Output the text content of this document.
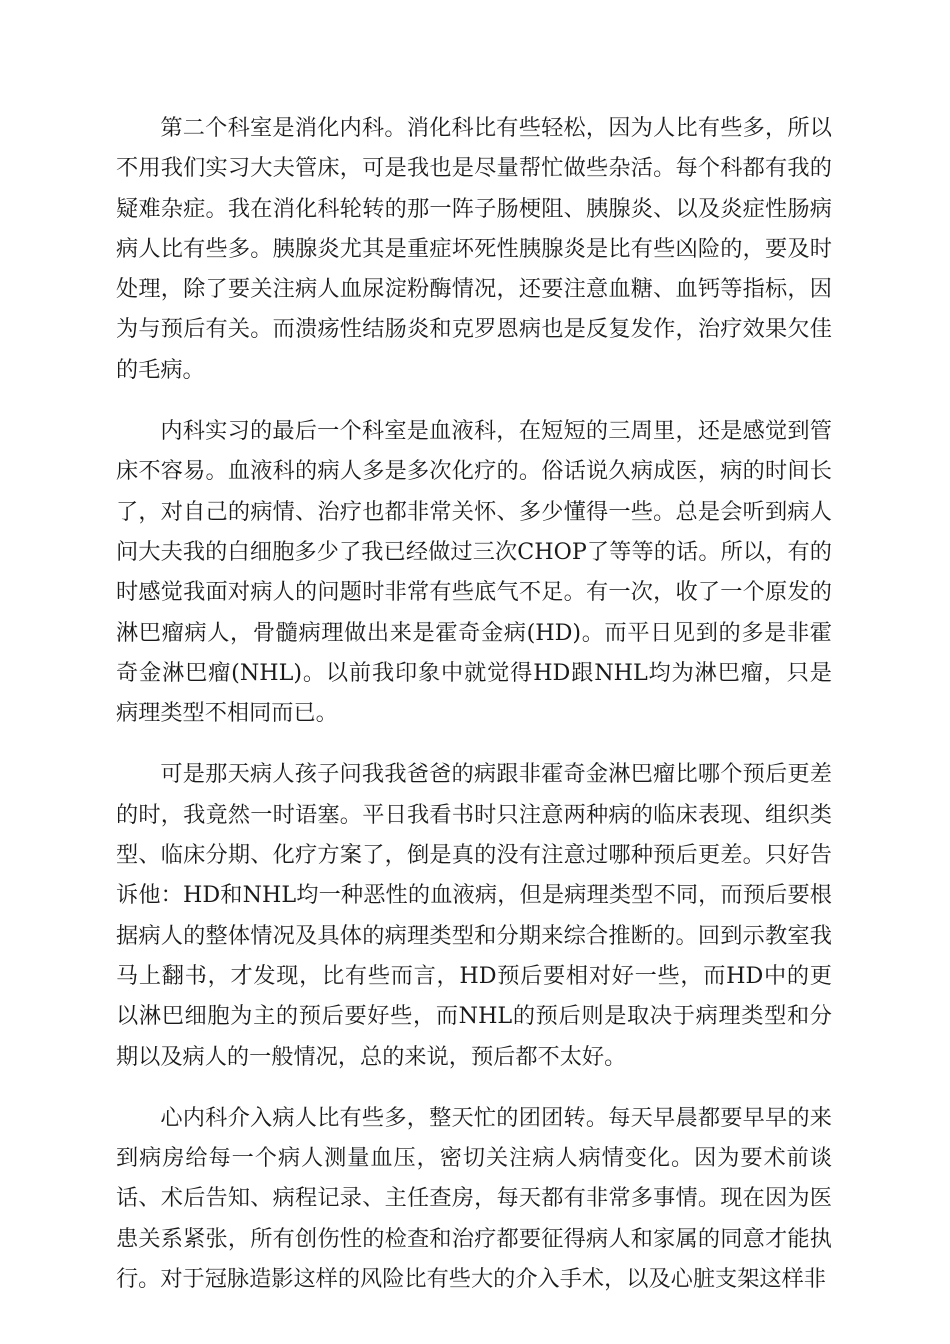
第二个科室是消化内科。消化科比有些轻松，因为人比有些多，所以不用我们实习大夫管床，可是我也是尽量帮忙做些杂活。每个科都有我的疑难杂症。我在消化科轮转的那一阵子肠梗阻、胰腺炎、以及炎症性肠病病人比有些多。胰腺炎尤其是重症坏死性胰腺炎是比有些凶险的，要及时处理，除了要关注病人血尿淀粉酶情况，还要注意血糖、血钙等指标，因为与预后有关。而溃疡性结肠炎和克罗恩病也是反复发作，治疗效果欠佳的毛病。

内科实习的最后一个科室是血液科，在短短的三周里，还是感觉到管床不容易。血液科的病人多是多次化疗的。俗话说久病成医，病的时间长了，对自己的病情、治疗也都非常关怀、多少懂得一些。总是会听到病人问大夫我的白细胞多少了我已经做过三次CHOP了等等的话。所以，有的时感觉我面对病人的问题时非常有些底气不足。有一次，收了一个原发的淋巴瘤病人，骨髓病理做出来是霍奇金病(HD)。而平日见到的多是非霍奇金淋巴瘤(NHL)。以前我印象中就觉得HD跟NHL均为淋巴瘤，只是病理类型不相同而已。

可是那天病人孩子问我我爸爸的病跟非霍奇金淋巴瘤比哪个预后更差的时，我竟然一时语塞。平日我看书时只注意两种病的临床表现、组织类型、临床分期、化疗方案了，倒是真的没有注意过哪种预后更差。只好告诉他：HD和NHL均一种恶性的血液病，但是病理类型不同，而预后要根据病人的整体情况及具体的病理类型和分期来综合推断的。回到示教室我马上翻书，才发现，比有些而言，HD预后要相对好一些，而HD中的更以淋巴细胞为主的预后要好些，而NHL的预后则是取决于病理类型和分期以及病人的一般情况，总的来说，预后都不太好。

心内科介入病人比有些多，整天忙的团团转。每天早晨都要早早的来到病房给每一个病人测量血压，密切关注病人病情变化。因为要术前谈话、术后告知、病程记录、主任查房，每天都有非常多事情。现在因为医患关系紧张，所有创伤性的检查和治疗都要征得病人和家属的同意才能执行。对于冠脉造影这样的风险比有些大的介入手术，以及心脏支架这样非
